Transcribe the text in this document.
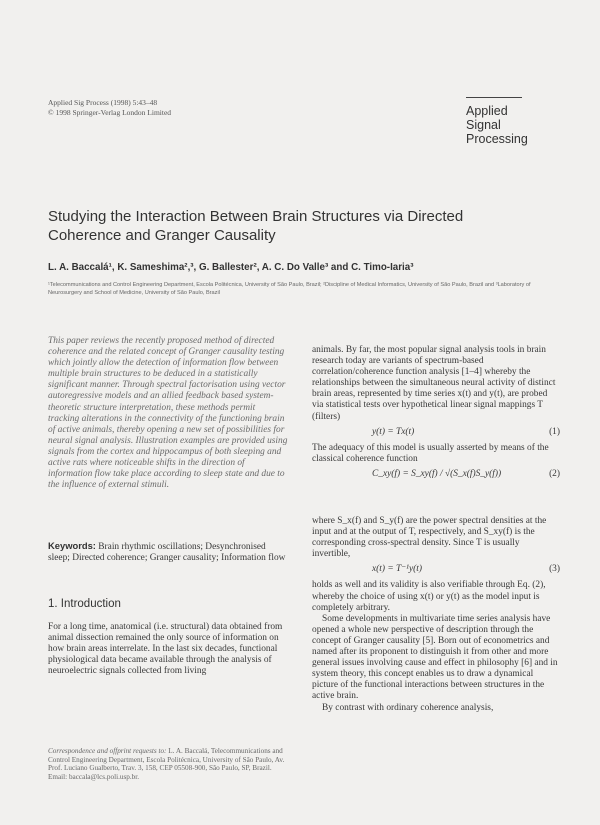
Applied Sig Process (1998) 5:43–48
© 1998 Springer-Verlag London Limited	Applied
Signal
Processing
Studying the Interaction Between Brain Structures via Directed
Coherence and Granger Causality
L. A. Baccalá¹, K. Sameshima²,³, G. Ballester², A. C. Do Valle³ and C. Timo-Iaria³
¹Telecommunications and Control Engineering Department, Escola Politécnica, University of São Paulo, Brazil; ²Discipline of Medical Informatics, University of São Paulo, Brazil and ³Laboratory of
Neurosurgery and School of Medicine, University of São Paulo, Brazil
This paper reviews the recently proposed method of directed coherence and the related concept of Granger causality testing which jointly allow the detection of information flow between multiple brain structures to be deduced in a statistically significant manner. Through spectral factorisation using vector autoregressive models and an allied feedback based system-theoretic structure interpretation, these methods permit tracking alterations in the connectivity of the functioning brain of active animals, thereby opening a new set of possibilities for neural signal analysis. Illustration examples are provided using signals from the cortex and hippocampus of both sleeping and active rats where noticeable shifts in the direction of information flow take place according to sleep state and due to the influence of external stimuli.
Keywords: Brain rhythmic oscillations; Desynchronised sleep; Directed coherence; Granger causality; Information flow
1. Introduction
For a long time, anatomical (i.e. structural) data obtained from animal dissection remained the only source of information on how brain areas interrelate. In the last six decades, functional physiological data became available through the analysis of neuroelectric signals collected from living
Correspondence and offprint requests to: L. A. Baccalá, Telecommunications and Control Engineering Department, Escola Politécnica, University of São Paulo, Av. Prof. Luciano Gualberto, Trav. 3, 158, CEP 05508-900, São Paulo, SP, Brazil. Email: baccala@lcs.poli.usp.br.

animals. By far, the most popular signal analysis tools in brain research today are variants of spectrum-based correlation/coherence function analysis [1–4] whereby the relationships between the simultaneous neural activity of distinct brain areas, represented by time series x(t) and y(t), are probed via statistical tests over hypothetical linear signal mappings T (filters)

y(t) = Tx(t)	(1)

The adequacy of this model is usually asserted by means of the classical coherence function

C_xy(f) = S_xy(f) / √(S_x(f)S_y(f))	(2)

where S_x(f) and S_y(f) are the power spectral densities at the input and at the output of T, respectively, and S_xy(f) is the corresponding cross-spectral density. Since T is usually invertible,

x(t) = T⁻¹y(t)	(3)

holds as well and its validity is also verifiable through Eq. (2), whereby the choice of using x(t) or y(t) as the model input is completely arbitrary.

Some developments in multivariate time series analysis have opened a whole new perspective of description through the concept of Granger causality [5]. Born out of econometrics and named after its proponent to distinguish it from other and more general issues involving cause and effect in philosophy [6] and in system theory, this concept enables us to draw a dynamical picture of the functional interactions between structures in the active brain.

By contrast with ordinary coherence analysis,
